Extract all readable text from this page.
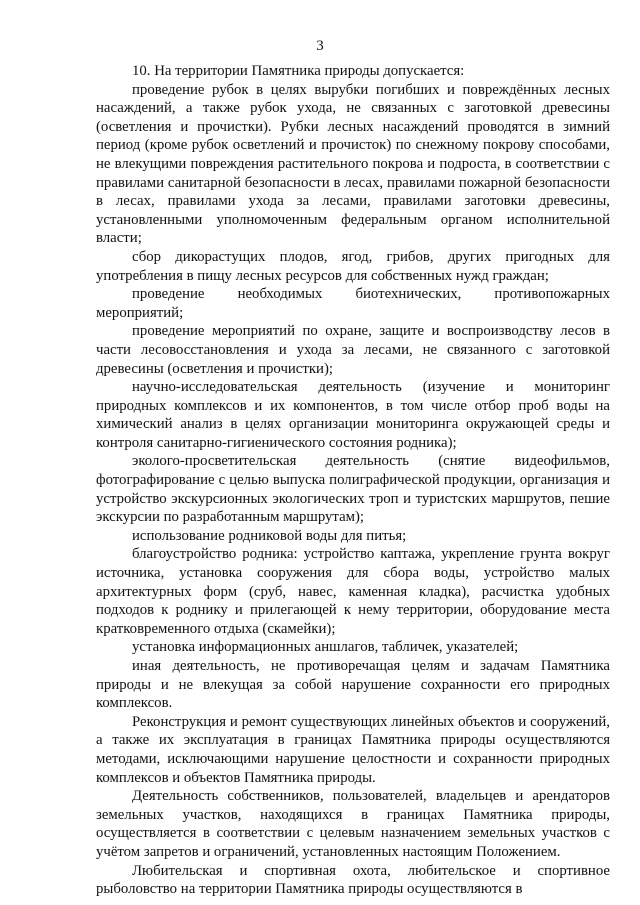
3

10. На территории Памятника природы допускается:

проведение рубок в целях вырубки погибших и повреждённых лесных насаждений, а также рубок ухода, не связанных с заготовкой древесины (осветления и прочистки). Рубки лесных насаждений проводятся в зимний период (кроме рубок осветлений и прочисток) по снежному покрову способами, не влекущими повреждения растительного покрова и подроста, в соответствии с правилами санитарной безопасности в лесах, правилами пожарной безопасности в лесах, правилами ухода за лесами, правилами заготовки древесины, установленными уполномоченным федеральным органом исполнительной власти;

сбор дикорастущих плодов, ягод, грибов, других пригодных для употребления в пищу лесных ресурсов для собственных нужд граждан;

проведение необходимых биотехнических, противопожарных мероприятий;

проведение мероприятий по охране, защите и воспроизводству лесов в части лесовосстановления и ухода за лесами, не связанного с заготовкой древесины (осветления и прочистки);

научно-исследовательская деятельность (изучение и мониторинг природных комплексов и их компонентов, в том числе отбор проб воды на химический анализ в целях организации мониторинга окружающей среды и контроля санитарно-гигиенического состояния родника);

эколого-просветительская деятельность (снятие видеофильмов, фотографирование с целью выпуска полиграфической продукции, организация и устройство экскурсионных экологических троп и туристских маршрутов, пешие экскурсии по разработанным маршрутам);

использование родниковой воды для питья;

благоустройство родника: устройство каптажа, укрепление грунта вокруг источника, установка сооружения для сбора воды, устройство малых архитектурных форм (сруб, навес, каменная кладка), расчистка удобных подходов к роднику и прилегающей к нему территории, оборудование места кратковременного отдыха (скамейки);

установка информационных аншлагов, табличек, указателей;

иная деятельность, не противоречащая целям и задачам Памятника природы и не влекущая за собой нарушение сохранности его природных комплексов.

Реконструкция и ремонт существующих линейных объектов и сооружений, а также их эксплуатация в границах Памятника природы осуществляются методами, исключающими нарушение целостности и сохранности природных комплексов и объектов Памятника природы.

Деятельность собственников, пользователей, владельцев и арендаторов земельных участков, находящихся в границах Памятника природы, осуществляется в соответствии с целевым назначением земельных участков с учётом запретов и ограничений, установленных настоящим Положением.

Любительская и спортивная охота, любительское и спортивное рыболовство на территории Памятника природы осуществляются в
